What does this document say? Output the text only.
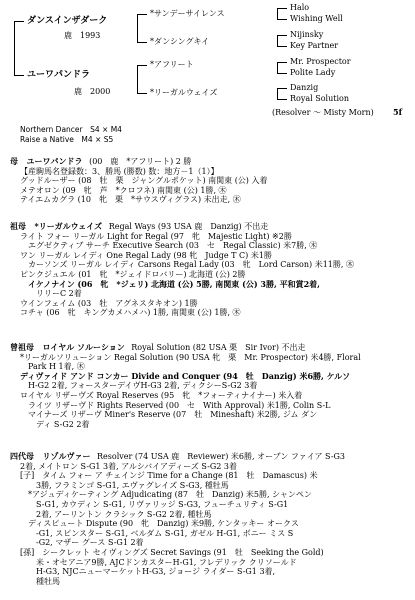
ダンスインザダーク
鹿　1993
ユーワパンドラ
鹿　2000
*サンデーサイレンス
*ダンシングキイ
*アフリート
*リーガルウェイズ
Halo
Wishing Well
Nijinsky
Key Partner
Mr. Prospector
Polite Lady
Danzig
Royal Solution
(Resolver ～ Misty Morn) 5f
Northern Dancer　S4 × M4
Raise a Native　M4 × S5
母 ユーワパンドラ (00　鹿　*アフリート) 2 勝
【産駒馬名登録数：3、勝馬 (勝数) 数：地方－1（1）】
グッドルーザー (08　牡　栗　ジャングルポケット) 南関東 (公) 入着
メテオロン (09　牝　芦　*クロフネ) 南関東 (公) 1勝, ㊍
テイエムカグラ (10　牝　栗　*サウスヴィグラス) 未出走, ㊍
祖母 *リーガルウェイズ Regal Ways (93 USA 鹿　Danzig) 不出走
ライト フォー リーガル Light for Regal (97　牝　Majestic Light) ※2勝
　エグゼクティブ サーチ Executive Search (03　セ　Regal Classic) 米7勝, ㊍
ワン リーガル レイディ One Regal Lady (98 牝　Judge T C) 米1勝
　カーソンズ リーガル レイディ Carsons Regal Lady (03　牝　Lord Carson) 米11勝, ㊍
ピンクジュエル (01　牝　*ジェイドロバリー) 北海道 (公) 2勝
　イケノナイン (06　牝　*ジェリ) 北海道 (公) 5勝, 南関東 (公) 3勝, 平和賞2着,
　　リリーC 2着
ウインフェイム (03　牡　アグネスタキオン) 1勝
コチャ (06　牝　キングカメハメハ) 1勝, 南関東 (公) 1勝, ㊍
曾祖母 ロイヤル ソルーション Royal Solution (82 USA 栗　Sir Ivor) 不出走
*リーガルソリューション Regal Solution (90 USA 牝　栗　Mr. Prospector) 米4勝, Floral
　Park H 1着, ㊍
ディヴァイド アンド コンカー Divide and Conquer (94　牡　Danzig) 米6勝, ケルソ
　H-G2 2着, フォースターデイヴH-G3 2着, ディクシーS-G2 3着
ロイヤル リザーヴズ Royal Reserves (95　牝　*フォーティナイナー) 米入着
　ライツ リザーヴド Rights Reserved (00　セ　With Approval) 米1勝, Colin S-L
　マイナーズ リザーヴ Miner's Reserve (07　牡　Mineshaft) 米2勝, ジム ダン
　　ディ S-G2 2着
四代母 リゾルヴァー Resolver (74 USA 鹿　Reviewer) 米6勝, オーブン ファイア S-G3
2着, メイトロン S-G1 3着, アルシバイアディーズ S-G2 3着
[子]　タイム フォー ア チェインジ Time for a Change (81　牡　Damascus) 米
　　3勝, フラミンゴ S-G1, エヴァグレイズ S-G3, 種牡馬
　*アジュディケーティング Adjudicating (87　牡　Danzig) 米5勝, シャンペン
　　S-G1, カウディン S-G1, リヴァリッジ S-G3, フューチュリティ S-G1
　　2着, アーリントン クラシック S-G2 2着, 種牡馬
　ディスピュート Dispute (90　牝　Danzig) 米9勝, ケンタッキー オークス
　　-G1, スピンスター S-G1, ベルダム S-G1, ガゼル H-G1, ボニー ミス S
　　-G2, マザー グース S-G1 2着
[孫]　シークレット セイヴィングズ Secret Savings (91　牡　Seeking the Gold)
　　米・オセアニア9勝, AJCドンカスターH-G1, フレデリック クリソールド
　　H-G3, NJCニューマーケットH-G3, ジョージ ライダー S-G1 3着,
　　種牡馬
